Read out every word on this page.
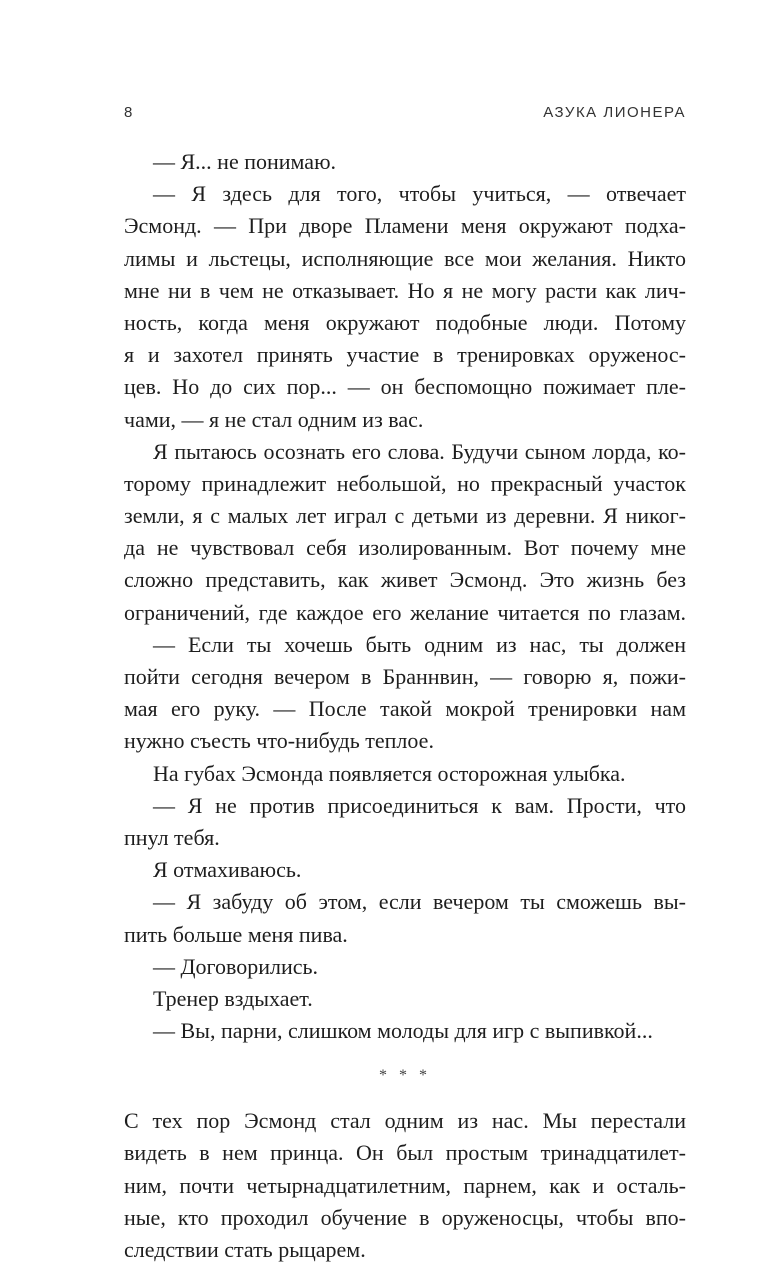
8	АЗУКА ЛИОНЕРА
— Я... не понимаю.
— Я здесь для того, чтобы учиться, — отвечает
Эсмонд. — При дворе Пламени меня окружают подха-
лимы и льстецы, исполняющие все мои желания. Никто
мне ни в чем не отказывает. Но я не могу расти как лич-
ность, когда меня окружают подобные люди. Потому
я и захотел принять участие в тренировках оруженос-
цев. Но до сих пор... — он беспомощно пожимает пле-
чами, — я не стал одним из вас.
Я пытаюсь осознать его слова. Будучи сыном лорда, ко-
торому принадлежит небольшой, но прекрасный участок
земли, я с малых лет играл с детьми из деревни. Я никог-
да не чувствовал себя изолированным. Вот почему мне
сложно представить, как живет Эсмонд. Это жизнь без
ограничений, где каждое его желание читается по глазам.
— Если ты хочешь быть одним из нас, ты должен
пойти сегодня вечером в Браннвин, — говорю я, пожи-
мая его руку. — После такой мокрой тренировки нам
нужно съесть что-нибудь теплое.
На губах Эсмонда появляется осторожная улыбка.
— Я не против присоединиться к вам. Прости, что
пнул тебя.
Я отмахиваюсь.
— Я забуду об этом, если вечером ты сможешь вы-
пить больше меня пива.
— Договорились.
Тренер вздыхает.
— Вы, парни, слишком молоды для игр с выпивкой...
* * *
С тех пор Эсмонд стал одним из нас. Мы перестали
видеть в нем принца. Он был простым тринадцатилет-
ним, почти четырнадцатилетним, парнем, как и осталь-
ные, кто проходил обучение в оруженосцы, чтобы впо-
следствии стать рыцарем.
